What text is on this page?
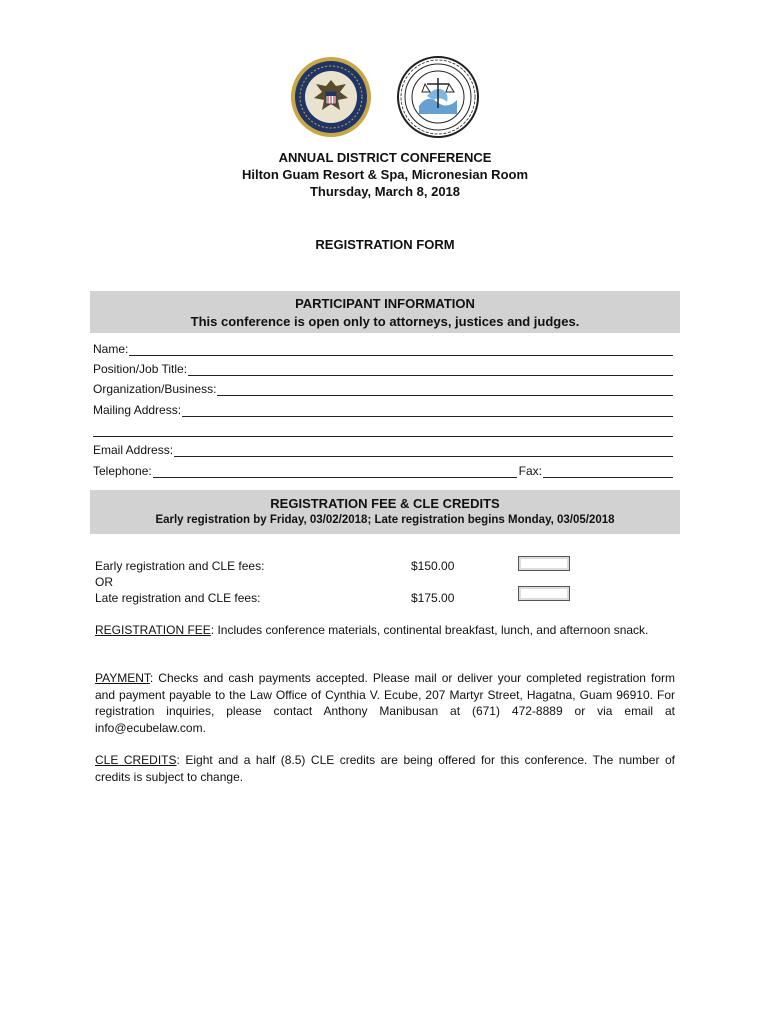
ANNUAL DISTRICT CONFERENCE
Hilton Guam Resort & Spa, Micronesian Room
Thursday, March 8, 2018
REGISTRATION FORM
PARTICIPANT INFORMATION
This conference is open only to attorneys, justices and judges.
Name:
Position/Job Title:
Organization/Business:
Mailing Address:
Email Address:
Telephone:	Fax:
REGISTRATION FEE & CLE CREDITS
Early registration by Friday, 03/02/2018; Late registration begins Monday, 03/05/2018
Early registration and CLE fees:
OR
Late registration and CLE fees:
$150.00
$175.00
REGISTRATION FEE: Includes conference materials, continental breakfast, lunch, and afternoon snack.
PAYMENT: Checks and cash payments accepted. Please mail or deliver your completed registration form and payment payable to the Law Office of Cynthia V. Ecube, 207 Martyr Street, Hagatna, Guam 96910. For registration inquiries, please contact Anthony Manibusan at (671) 472-8889 or via email at info@ecubelaw.com.
CLE CREDITS: Eight and a half (8.5) CLE credits are being offered for this conference. The number of credits is subject to change.
